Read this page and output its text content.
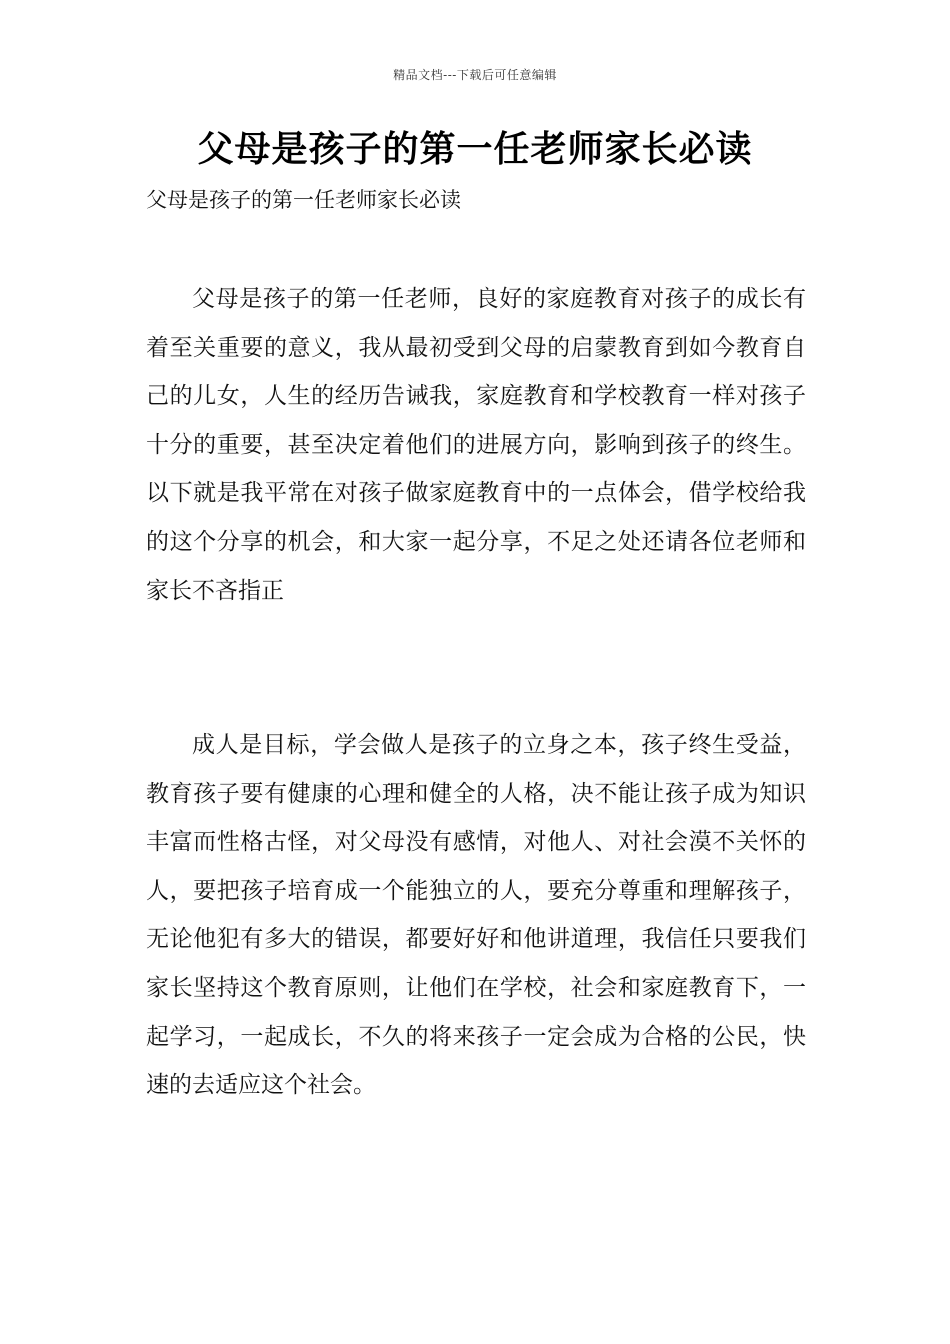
精品文档---下载后可任意编辑
父母是孩子的第一任老师家长必读
父母是孩子的第一任老师家长必读

父母是孩子的第一任老师，良好的家庭教育对孩子的成长有着至关重要的意义，我从最初受到父母的启蒙教育到如今教育自己的儿女，人生的经历告诫我，家庭教育和学校教育一样对孩子十分的重要，甚至决定着他们的进展方向，影响到孩子的终生。以下就是我平常在对孩子做家庭教育中的一点体会，借学校给我的这个分享的机会，和大家一起分享，不足之处还请各位老师和家长不吝指正

成人是目标，学会做人是孩子的立身之本，孩子终生受益，教育孩子要有健康的心理和健全的人格，决不能让孩子成为知识丰富而性格古怪，对父母没有感情，对他人、对社会漠不关怀的人，要把孩子培育成一个能独立的人，要充分尊重和理解孩子，无论他犯有多大的错误，都要好好和他讲道理，我信任只要我们家长坚持这个教育原则，让他们在学校，社会和家庭教育下，一起学习，一起成长，不久的将来孩子一定会成为合格的公民，快速的去适应这个社会。
